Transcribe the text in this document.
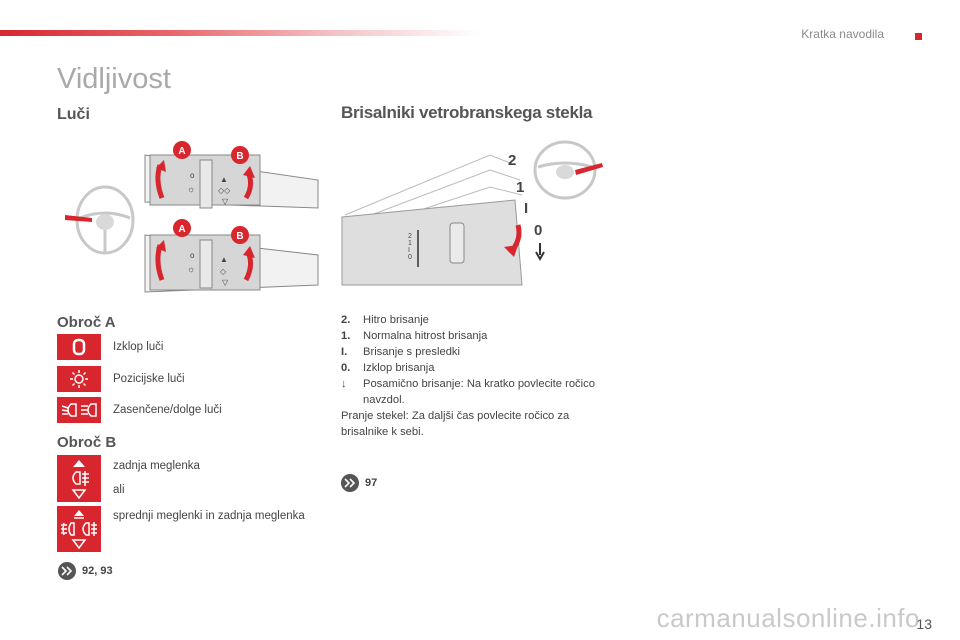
Kratka navodila
Vidljivost
Luči	Brisalniki vetrobranskega stekla
o
☼
▲
◇◇
▽
A	B
o
☼
▲
◇
▽
A
B	2
1
I
0
2
1
I
0
Obroč A
Izklop luči
Pozicijske luči
Zasenčene/dolge luči
Obroč B
zadnja meglenka
ali
sprednji meglenki in zadnja meglenka
92, 93
97
2.	Hitro brisanje
1.	Normalna hitrost brisanja
I.	Brisanje s presledki
0.	Izklop brisanja
↓	Posamično brisanje: Na kratko povlecite ročico navzdol.
Pranje stekel: Za daljši čas povlecite ročico za brisalnike k sebi.
carmanualsonline.info
13
